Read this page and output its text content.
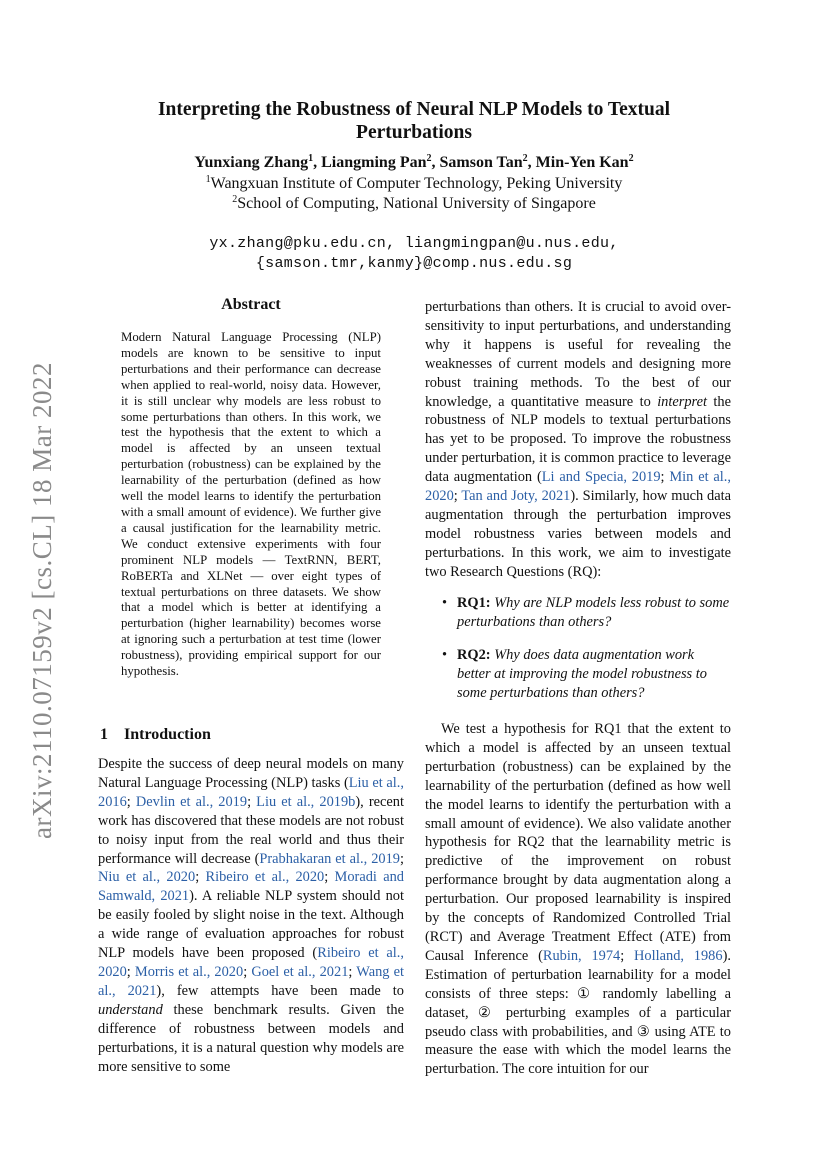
arXiv:2110.07159v2 [cs.CL] 18 Mar 2022
Interpreting the Robustness of Neural NLP Models to Textual Perturbations
Yunxiang Zhang$^1$, Liangming Pan$^2$, Samson Tan$^2$, Min-Yen Kan$^2$
$^1$Wangxuan Institute of Computer Technology, Peking University
$^2$School of Computing, National University of Singapore
yx.zhang@pku.edu.cn, liangmingpan@u.nus.edu,
{samson.tmr,kanmy}@comp.nus.edu.sg
Abstract
Modern Natural Language Processing (NLP) models are known to be sensitive to input perturbations and their performance can decrease when applied to real-world, noisy data. However, it is still unclear why models are less robust to some perturbations than others. In this work, we test the hypothesis that the extent to which a model is affected by an unseen textual perturbation (robustness) can be explained by the learnability of the perturbation (defined as how well the model learns to identify the perturbation with a small amount of evidence). We further give a causal justification for the learnability metric. We conduct extensive experiments with four prominent NLP models — TextRNN, BERT, RoBERTa and XLNet — over eight types of textual perturbations on three datasets. We show that a model which is better at identifying a perturbation (higher learnability) becomes worse at ignoring such a perturbation at test time (lower robustness), providing empirical support for our hypothesis.
1 Introduction
Despite the success of deep neural models on many Natural Language Processing (NLP) tasks (Liu et al., 2016; Devlin et al., 2019; Liu et al., 2019b), recent work has discovered that these models are not robust to noisy input from the real world and thus their performance will decrease (Prabhakaran et al., 2019; Niu et al., 2020; Ribeiro et al., 2020; Moradi and Samwald, 2021). A reliable NLP system should not be easily fooled by slight noise in the text. Although a wide range of evaluation approaches for robust NLP models have been proposed (Ribeiro et al., 2020; Morris et al., 2020; Goel et al., 2021; Wang et al., 2021), few attempts have been made to understand these benchmark results. Given the difference of robustness between models and perturbations, it is a natural question why models are more sensitive to some
perturbations than others. It is crucial to avoid over-sensitivity to input perturbations, and understanding why it happens is useful for revealing the weaknesses of current models and designing more robust training methods. To the best of our knowledge, a quantitative measure to interpret the robustness of NLP models to textual perturbations has yet to be proposed. To improve the robustness under perturbation, it is common practice to leverage data augmentation (Li and Specia, 2019; Min et al., 2020; Tan and Joty, 2021). Similarly, how much data augmentation through the perturbation improves model robustness varies between models and perturbations. In this work, we aim to investigate two Research Questions (RQ):
• RQ1: Why are NLP models less robust to some perturbations than others?
• RQ2: Why does data augmentation work better at improving the model robustness to some perturbations than others?
We test a hypothesis for RQ1 that the extent to which a model is affected by an unseen textual perturbation (robustness) can be explained by the learnability of the perturbation (defined as how well the model learns to identify the perturbation with a small amount of evidence). We also validate another hypothesis for RQ2 that the learnability metric is predictive of the improvement on robust performance brought by data augmentation along a perturbation. Our proposed learnability is inspired by the concepts of Randomized Controlled Trial (RCT) and Average Treatment Effect (ATE) from Causal Inference (Rubin, 1974; Holland, 1986). Estimation of perturbation learnability for a model consists of three steps: ① randomly labelling a dataset, ② perturbing examples of a particular pseudo class with probabilities, and ③ using ATE to measure the ease with which the model learns the perturbation. The core intuition for our
